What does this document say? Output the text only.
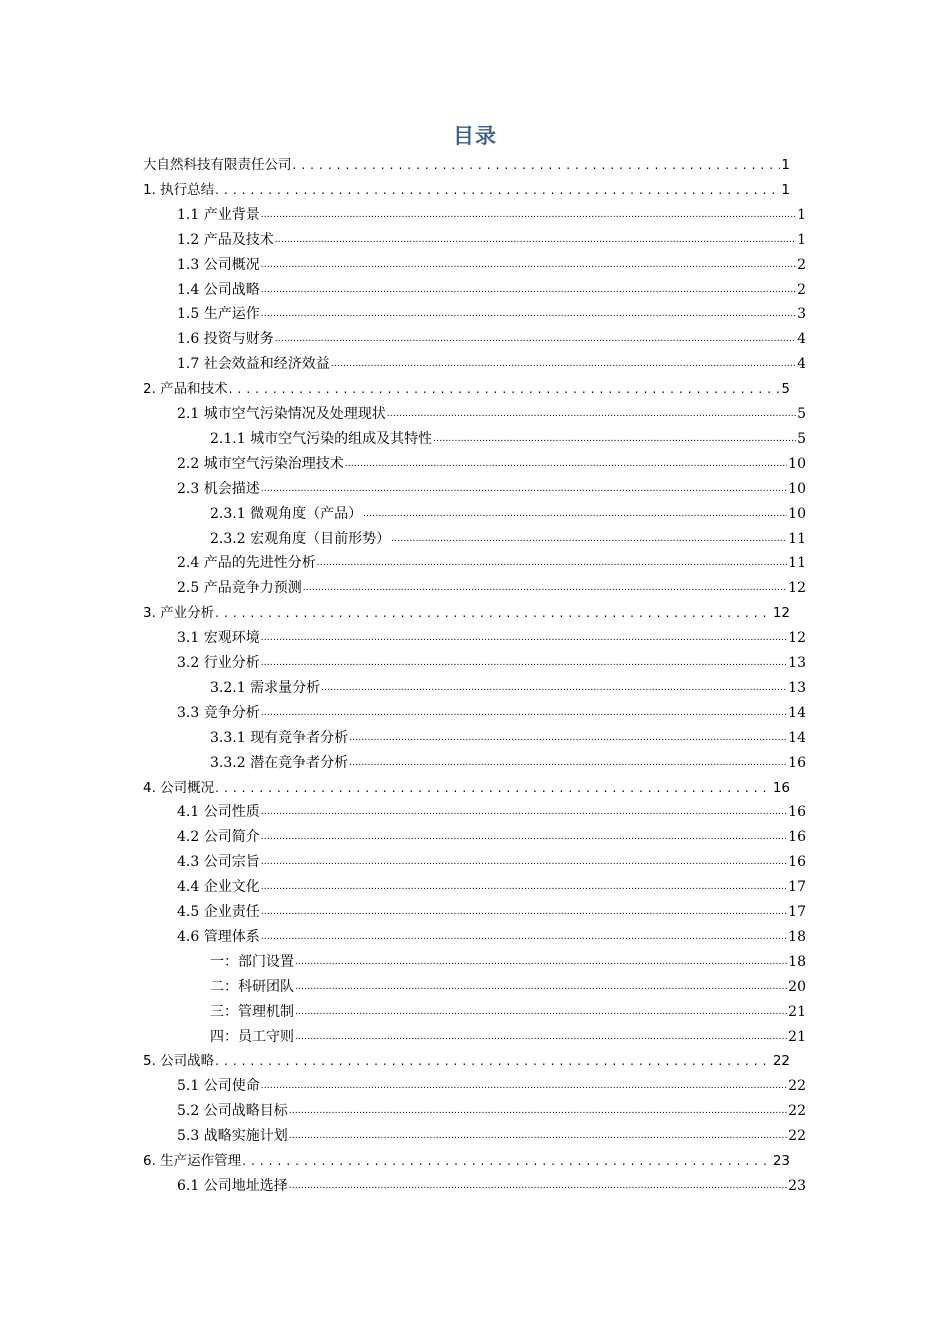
目录
大自然科技有限责任公司 . . .	1
1. 执行总结 . . .	1
1.1 产业背景 .....	1
1.2 产品及技术 .....	1
1.3 公司概况 .....	2
1.4 公司战略 .....	2
1.5 生产运作 .....	3
1.6 投资与财务 .....	4
1.7 社会效益和经济效益 .....	4
2. 产品和技术 . . .	5
2.1 城市空气污染情况及处理现状 .....	5
2.1.1 城市空气污染的组成及其特性 .....	5
2.2 城市空气污染治理技术 .....	10
2.3 机会描述 .....	10
2.3.1 微观角度（产品） .....	10
2.3.2 宏观角度（目前形势） .....	11
2.4 产品的先进性分析 .....	11
2.5 产品竞争力预测 .....	12
3. 产业分析 . . .	12
3.1 宏观环境 .....	12
3.2 行业分析 .....	13
3.2.1 需求量分析 .....	13
3.3 竞争分析 .....	14
3.3.1 现有竞争者分析 .....	14
3.3.2 潜在竞争者分析 .....	16
4. 公司概况 . . .	16
4.1 公司性质 .....	16
4.2 公司简介 .....	16
4.3 公司宗旨 .....	16
4.4 企业文化 .....	17
4.5 企业责任 .....	17
4.6 管理体系 .....	18
一：部门设置 .....	18
二：科研团队 .....	20
三：管理机制 .....	21
四：员工守则 .....	21
5. 公司战略 . . .	22
5.1 公司使命 .....	22
5.2 公司战略目标 .....	22
5.3 战略实施计划 .....	22
6. 生产运作管理 . . .	23
6.1 公司地址选择 .....	23
